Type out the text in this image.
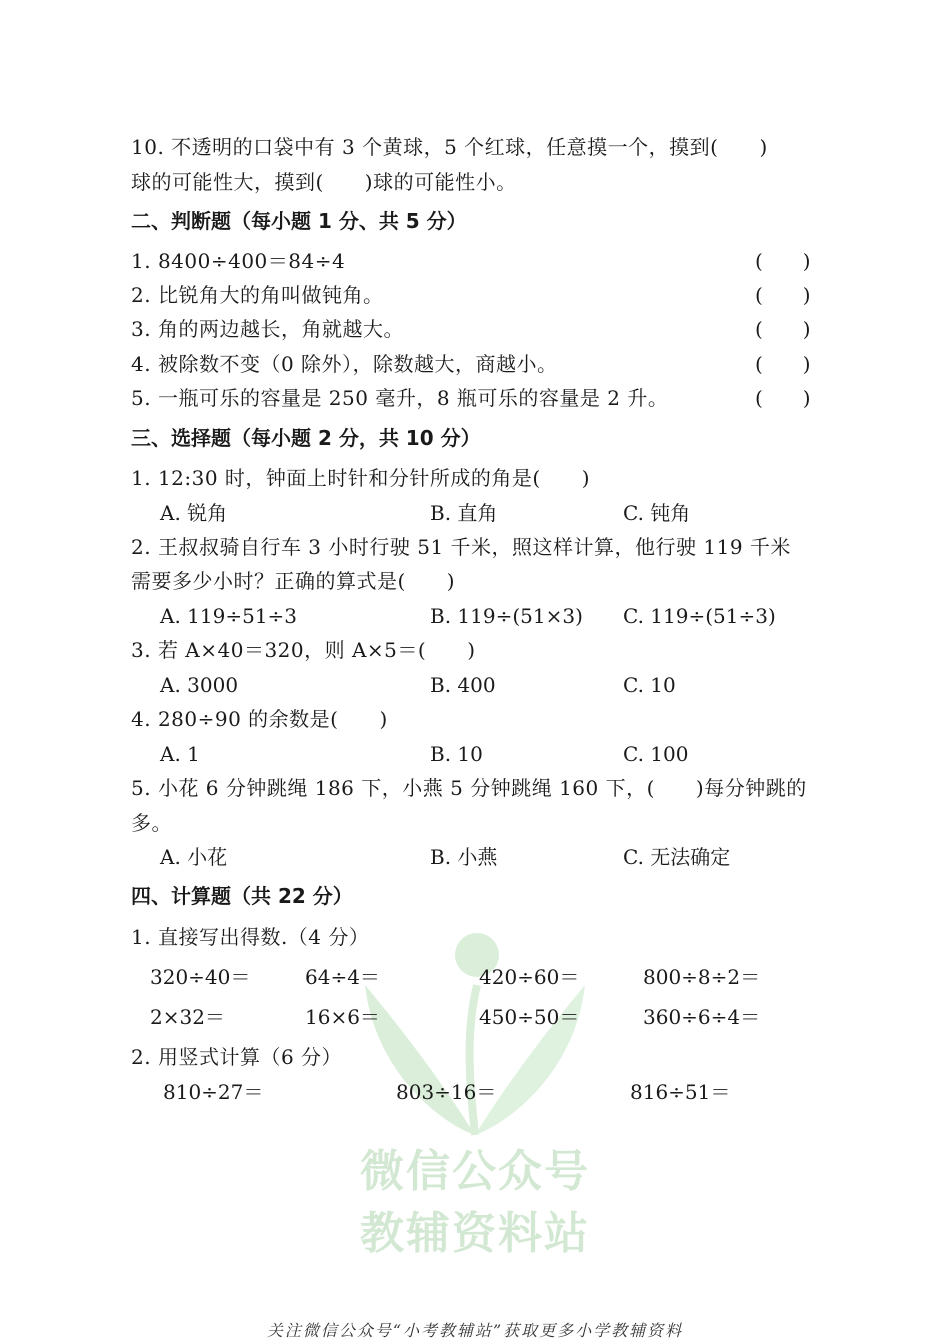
微信公众号
教辅资料站
10. 不透明的口袋中有 3 个黄球，5 个红球，任意摸一个，摸到(　　)
球的可能性大，摸到(　　)球的可能性小。
二、判断题（每小题 1 分、共 5 分）
1. 8400÷400＝84÷4	(　　)
2. 比锐角大的角叫做钝角。	(　　)
3. 角的两边越长，角就越大。	(　　)
4. 被除数不变（0 除外），除数越大，商越小。	(　　)
5. 一瓶可乐的容量是 250 毫升，8 瓶可乐的容量是 2 升。	(　　)
三、选择题（每小题 2 分，共 10 分）
1. 12:30 时，钟面上时针和分针所成的角是(　　)
A. 锐角	B. 直角	C. 钝角
2. 王叔叔骑自行车 3 小时行驶 51 千米，照这样计算，他行驶 119 千米
需要多少小时？正确的算式是(　　)
A. 119÷51÷3	B. 119÷(51×3) C. 119÷(51÷3)
3. 若 A×40＝320，则 A×5＝(　　)
A. 3000	B. 400	C. 10
4. 280÷90 的余数是(　　)
A. 1	B. 10	C. 100
5. 小花 6 分钟跳绳 186 下，小燕 5 分钟跳绳 160 下，(　　)每分钟跳的
多。
A. 小花	B. 小燕	C. 无法确定
四、计算题（共 22 分）
1. 直接写出得数.（4 分）
320÷40＝	64÷4＝	420÷60＝	800÷8÷2＝
2×32＝	16×6＝	450÷50＝	360÷6÷4＝
2. 用竖式计算（6 分）
810÷27＝	803÷16＝	816÷51＝
关注微信公众号“小考教辅站”获取更多小学教辅资料
